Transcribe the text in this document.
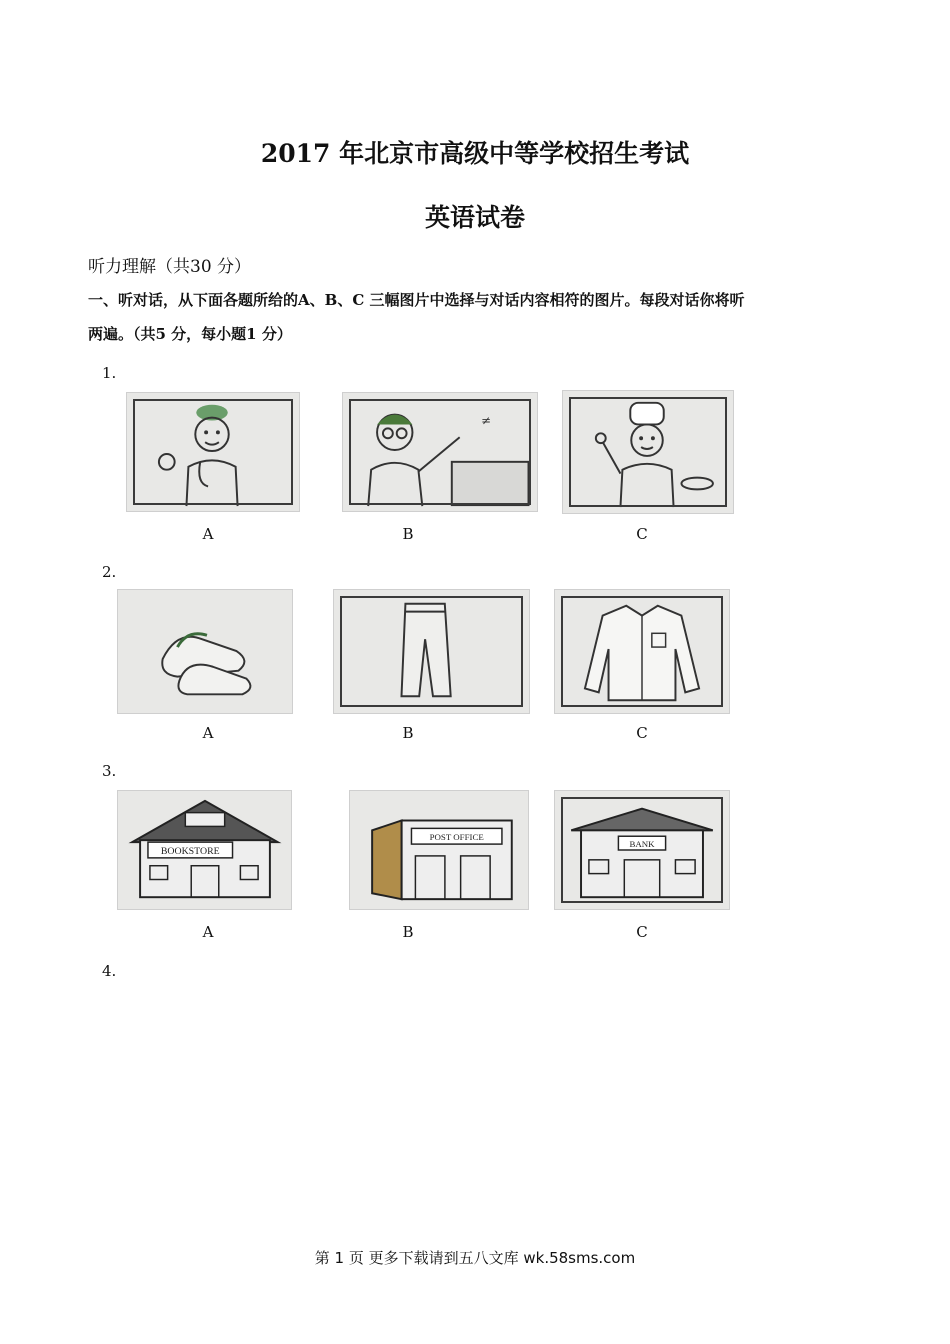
2017 年北京市高级中等学校招生考试
英语试卷
听力理解（共30 分）
一、听对话，从下面各题所给的A、B、C 三幅图片中选择与对话内容相符的图片。每段对话你将听
两遍。（共5 分，每小题1 分）
1.
A
≠
B	C
2.
A	B	C
3.
BOOKSTORE
A
POST OFFICE
B
BANK
C
4.
第 1 页 更多下载请到五八文库 wk.58sms.com
